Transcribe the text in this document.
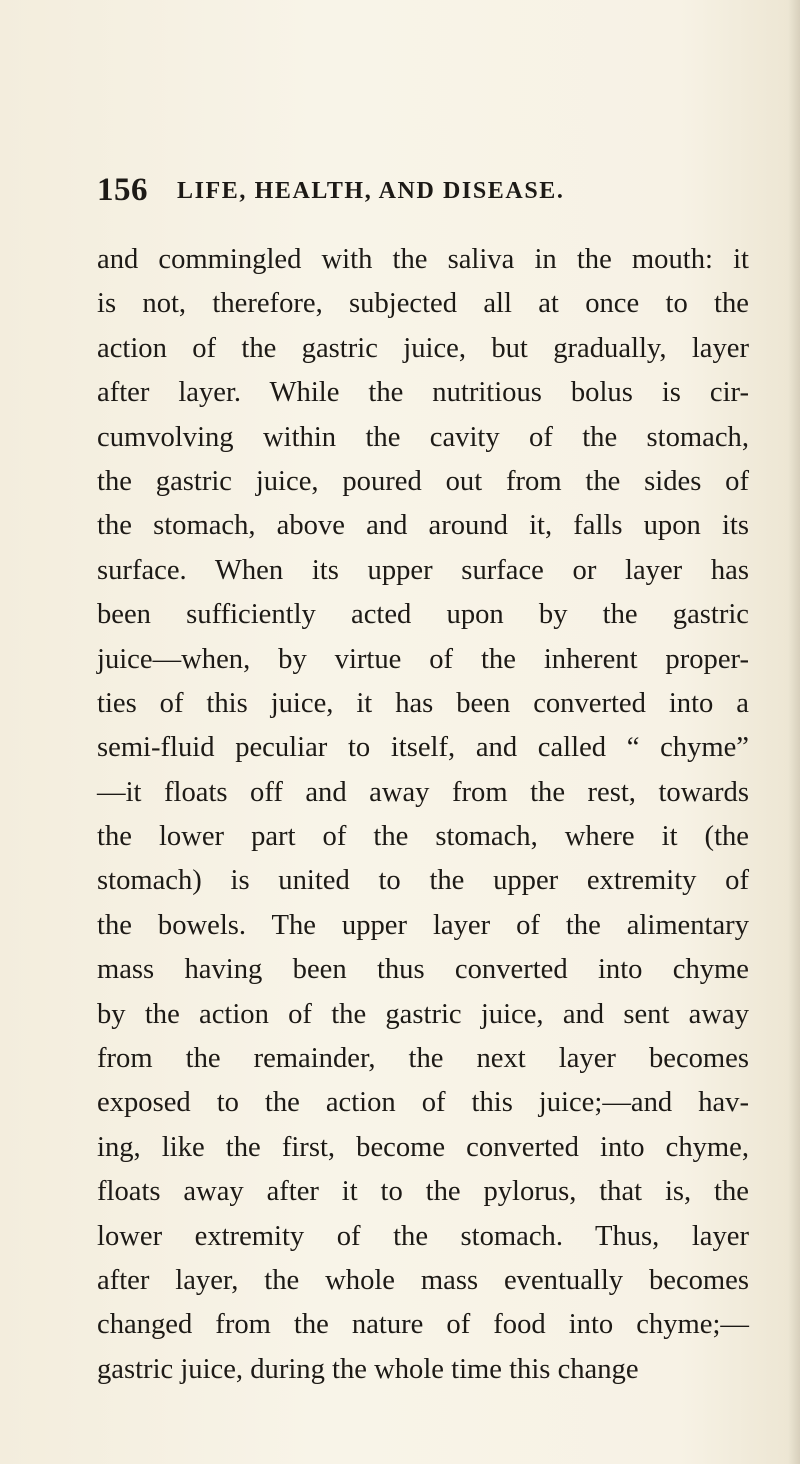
156 LIFE, HEALTH, AND DISEASE.
and commingled with the saliva in the mouth: it
is not, therefore, subjected all at once to the
action of the gastric juice, but gradually, layer
after layer. While the nutritious bolus is cir-
cumvolving within the cavity of the stomach,
the gastric juice, poured out from the sides of
the stomach, above and around it, falls upon its
surface. When its upper surface or layer has
been sufficiently acted upon by the gastric
juice—when, by virtue of the inherent proper-
ties of this juice, it has been converted into a
semi-fluid peculiar to itself, and called “ chyme”
—it floats off and away from the rest, towards
the lower part of the stomach, where it (the
stomach) is united to the upper extremity of
the bowels. The upper layer of the alimentary
mass having been thus converted into chyme
by the action of the gastric juice, and sent away
from the remainder, the next layer becomes
exposed to the action of this juice;—and hav-
ing, like the first, become converted into chyme,
floats away after it to the pylorus, that is, the
lower extremity of the stomach. Thus, layer
after layer, the whole mass eventually becomes
changed from the nature of food into chyme;—
gastric juice, during the whole time this change
